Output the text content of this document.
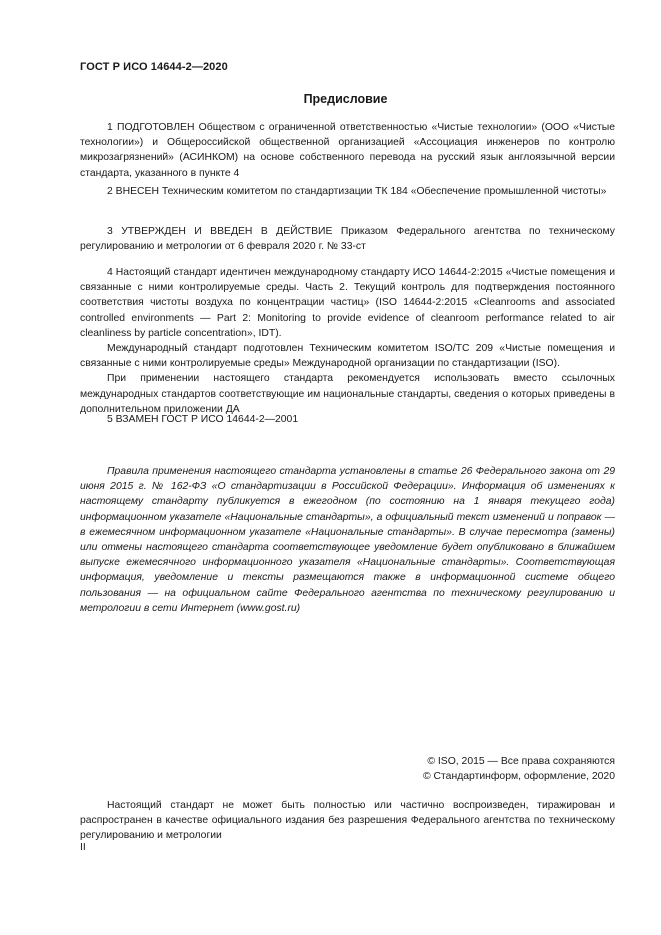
ГОСТ Р ИСО 14644-2—2020
Предисловие

1 ПОДГОТОВЛЕН Обществом с ограниченной ответственностью «Чистые технологии» (ООО «Чистые технологии») и Общероссийской общественной организацией «Ассоциация инженеров по контролю микрозагрязнений» (АСИНКОМ) на основе собственного перевода на русский язык англоязычной версии стандарта, указанного в пункте 4

2 ВНЕСЕН Техническим комитетом по стандартизации ТК 184 «Обеспечение промышленной чистоты»

3 УТВЕРЖДЕН И ВВЕДЕН В ДЕЙСТВИЕ Приказом Федерального агентства по техническому регулированию и метрологии от 6 февраля 2020 г. № 33-ст

4 Настоящий стандарт идентичен международному стандарту ИСО 14644-2:2015 «Чистые помещения и связанные с ними контролируемые среды. Часть 2. Текущий контроль для подтверждения постоянного соответствия чистоты воздуха по концентрации частиц» (ISO 14644-2:2015 «Cleanrooms and associated controlled environments — Part 2: Monitoring to provide evidence of cleanroom performance related to air cleanliness by particle concentration», IDT).

Международный стандарт подготовлен Техническим комитетом ISO/TC 209 «Чистые помещения и связанные с ними контролируемые среды» Международной организации по стандартизации (ISO).

При применении настоящего стандарта рекомендуется использовать вместо ссылочных международных стандартов соответствующие им национальные стандарты, сведения о которых приведены в дополнительном приложении ДА

5 ВЗАМЕН ГОСТ Р ИСО 14644-2—2001

Правила применения настоящего стандарта установлены в статье 26 Федерального закона от 29 июня 2015 г. № 162-ФЗ «О стандартизации в Российской Федерации». Информация об изменениях к настоящему стандарту публикуется в ежегодном (по состоянию на 1 января текущего года) информационном указателе «Национальные стандарты», а официальный текст изменений и поправок — в ежемесячном информационном указателе «Национальные стандарты». В случае пересмотра (замены) или отмены настоящего стандарта соответствующее уведомление будет опубликовано в ближайшем выпуске ежемесячного информационного указателя «Национальные стандарты». Соответствующая информация, уведомление и тексты размещаются также в информационной системе общего пользования — на официальном сайте Федерального агентства по техническому регулированию и метрологии в сети Интернет (www.gost.ru)

© ISO, 2015 — Все права сохраняются
© Стандартинформ, оформление, 2020

Настоящий стандарт не может быть полностью или частично воспроизведен, тиражирован и распространен в качестве официального издания без разрешения Федерального агентства по техническому регулированию и метрологии

II
